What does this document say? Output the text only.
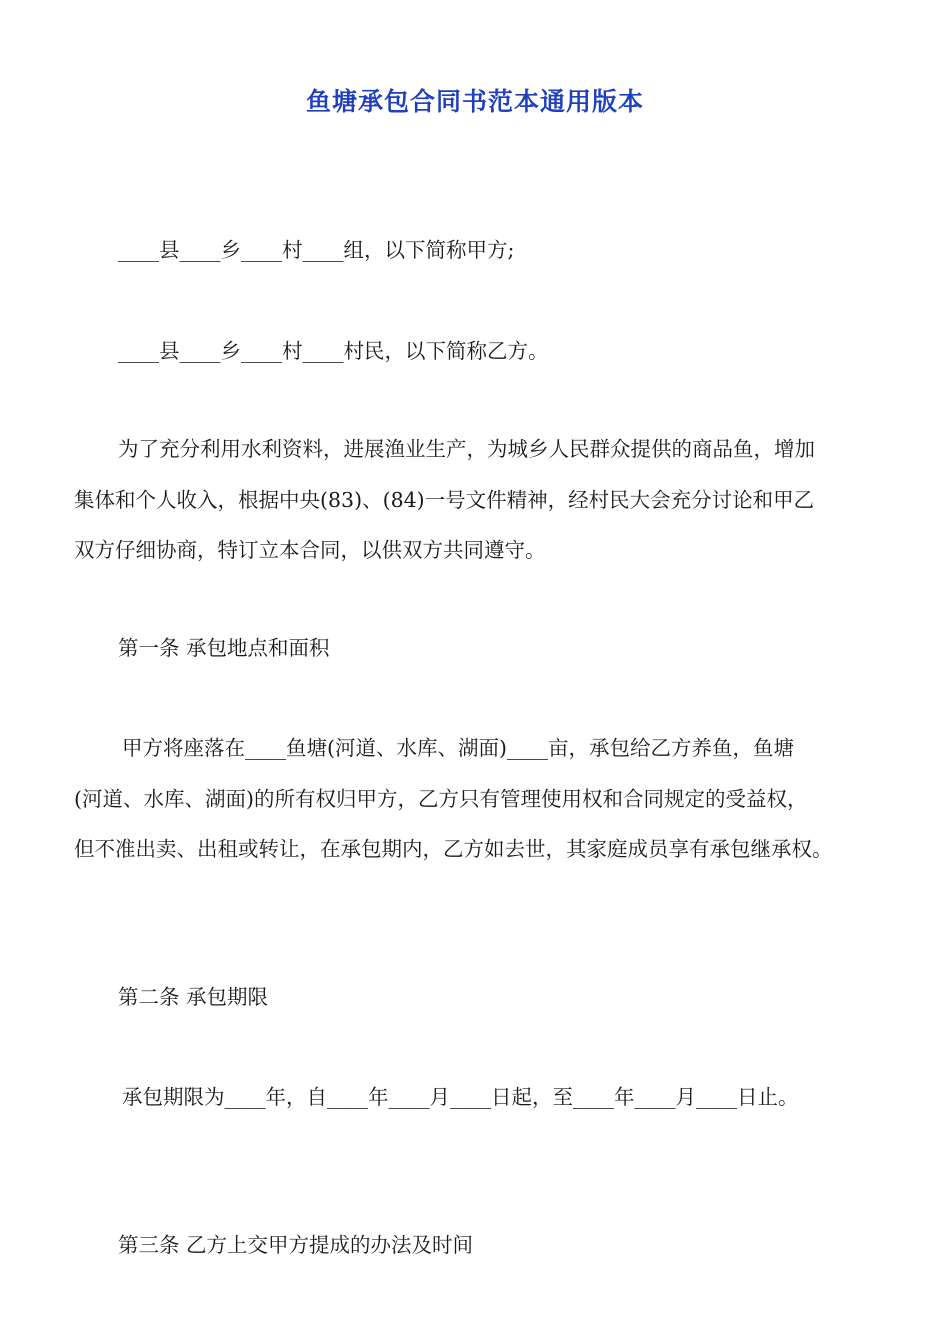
鱼塘承包合同书范本通用版本

____县____乡____村____组，以下简称甲方;

____县____乡____村____村民，以下简称乙方。

为了充分利用水利资料，进展渔业生产，为城乡人民群众提供的商品鱼，增加

集体和个人收入，根据中央(83)、(84)一号文件精神，经村民大会充分讨论和甲乙

双方仔细协商，特订立本合同，以供双方共同遵守。

第一条 承包地点和面积

甲方将座落在____鱼塘(河道、水库、湖面)____亩，承包给乙方养鱼，鱼塘

(河道、水库、湖面)的所有权归甲方，乙方只有管理使用权和合同规定的受益权，

但不准出卖、出租或转让，在承包期内，乙方如去世，其家庭成员享有承包继承权。

第二条 承包期限

承包期限为____年，自____年____月____日起，至____年____月____日止。

第三条 乙方上交甲方提成的办法及时间
